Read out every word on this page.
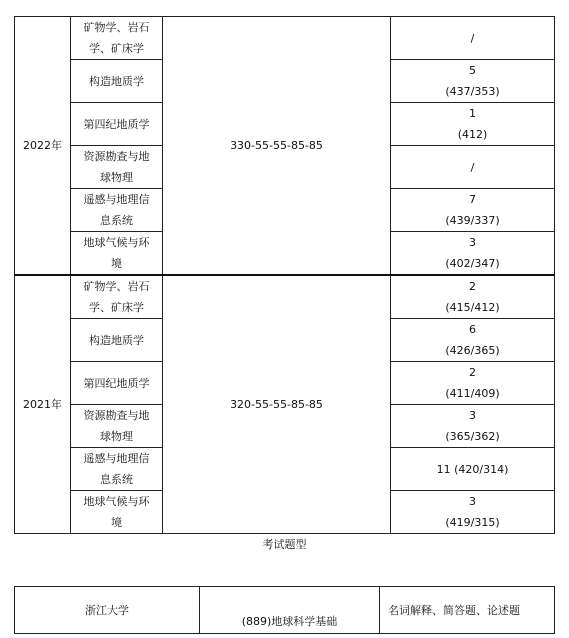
2022年	矿物学、岩石
学、矿床学	330-55-55-85-85	/

	构造地质学		5
(437/353)

	第四纪地质学		1
(412)

	资源勘查与地
球物理		/

	遥感与地理信
息系统		7
(439/337)

	地球气候与环
境		3
(402/347)

2021年	矿物学、岩石
学、矿床学	320-55-55-85-85	2
(415/412)

	构造地质学		6
(426/365)

	第四纪地质学		2
(411/409)

	资源勘查与地
球物理		3
(365/362)

	遥感与地理信
息系统		11 (420/314)

	地球气候与环
境		3
(419/315)
考试题型
浙江大学	(889)地球科学基础	名词解释、简答题、论述题
